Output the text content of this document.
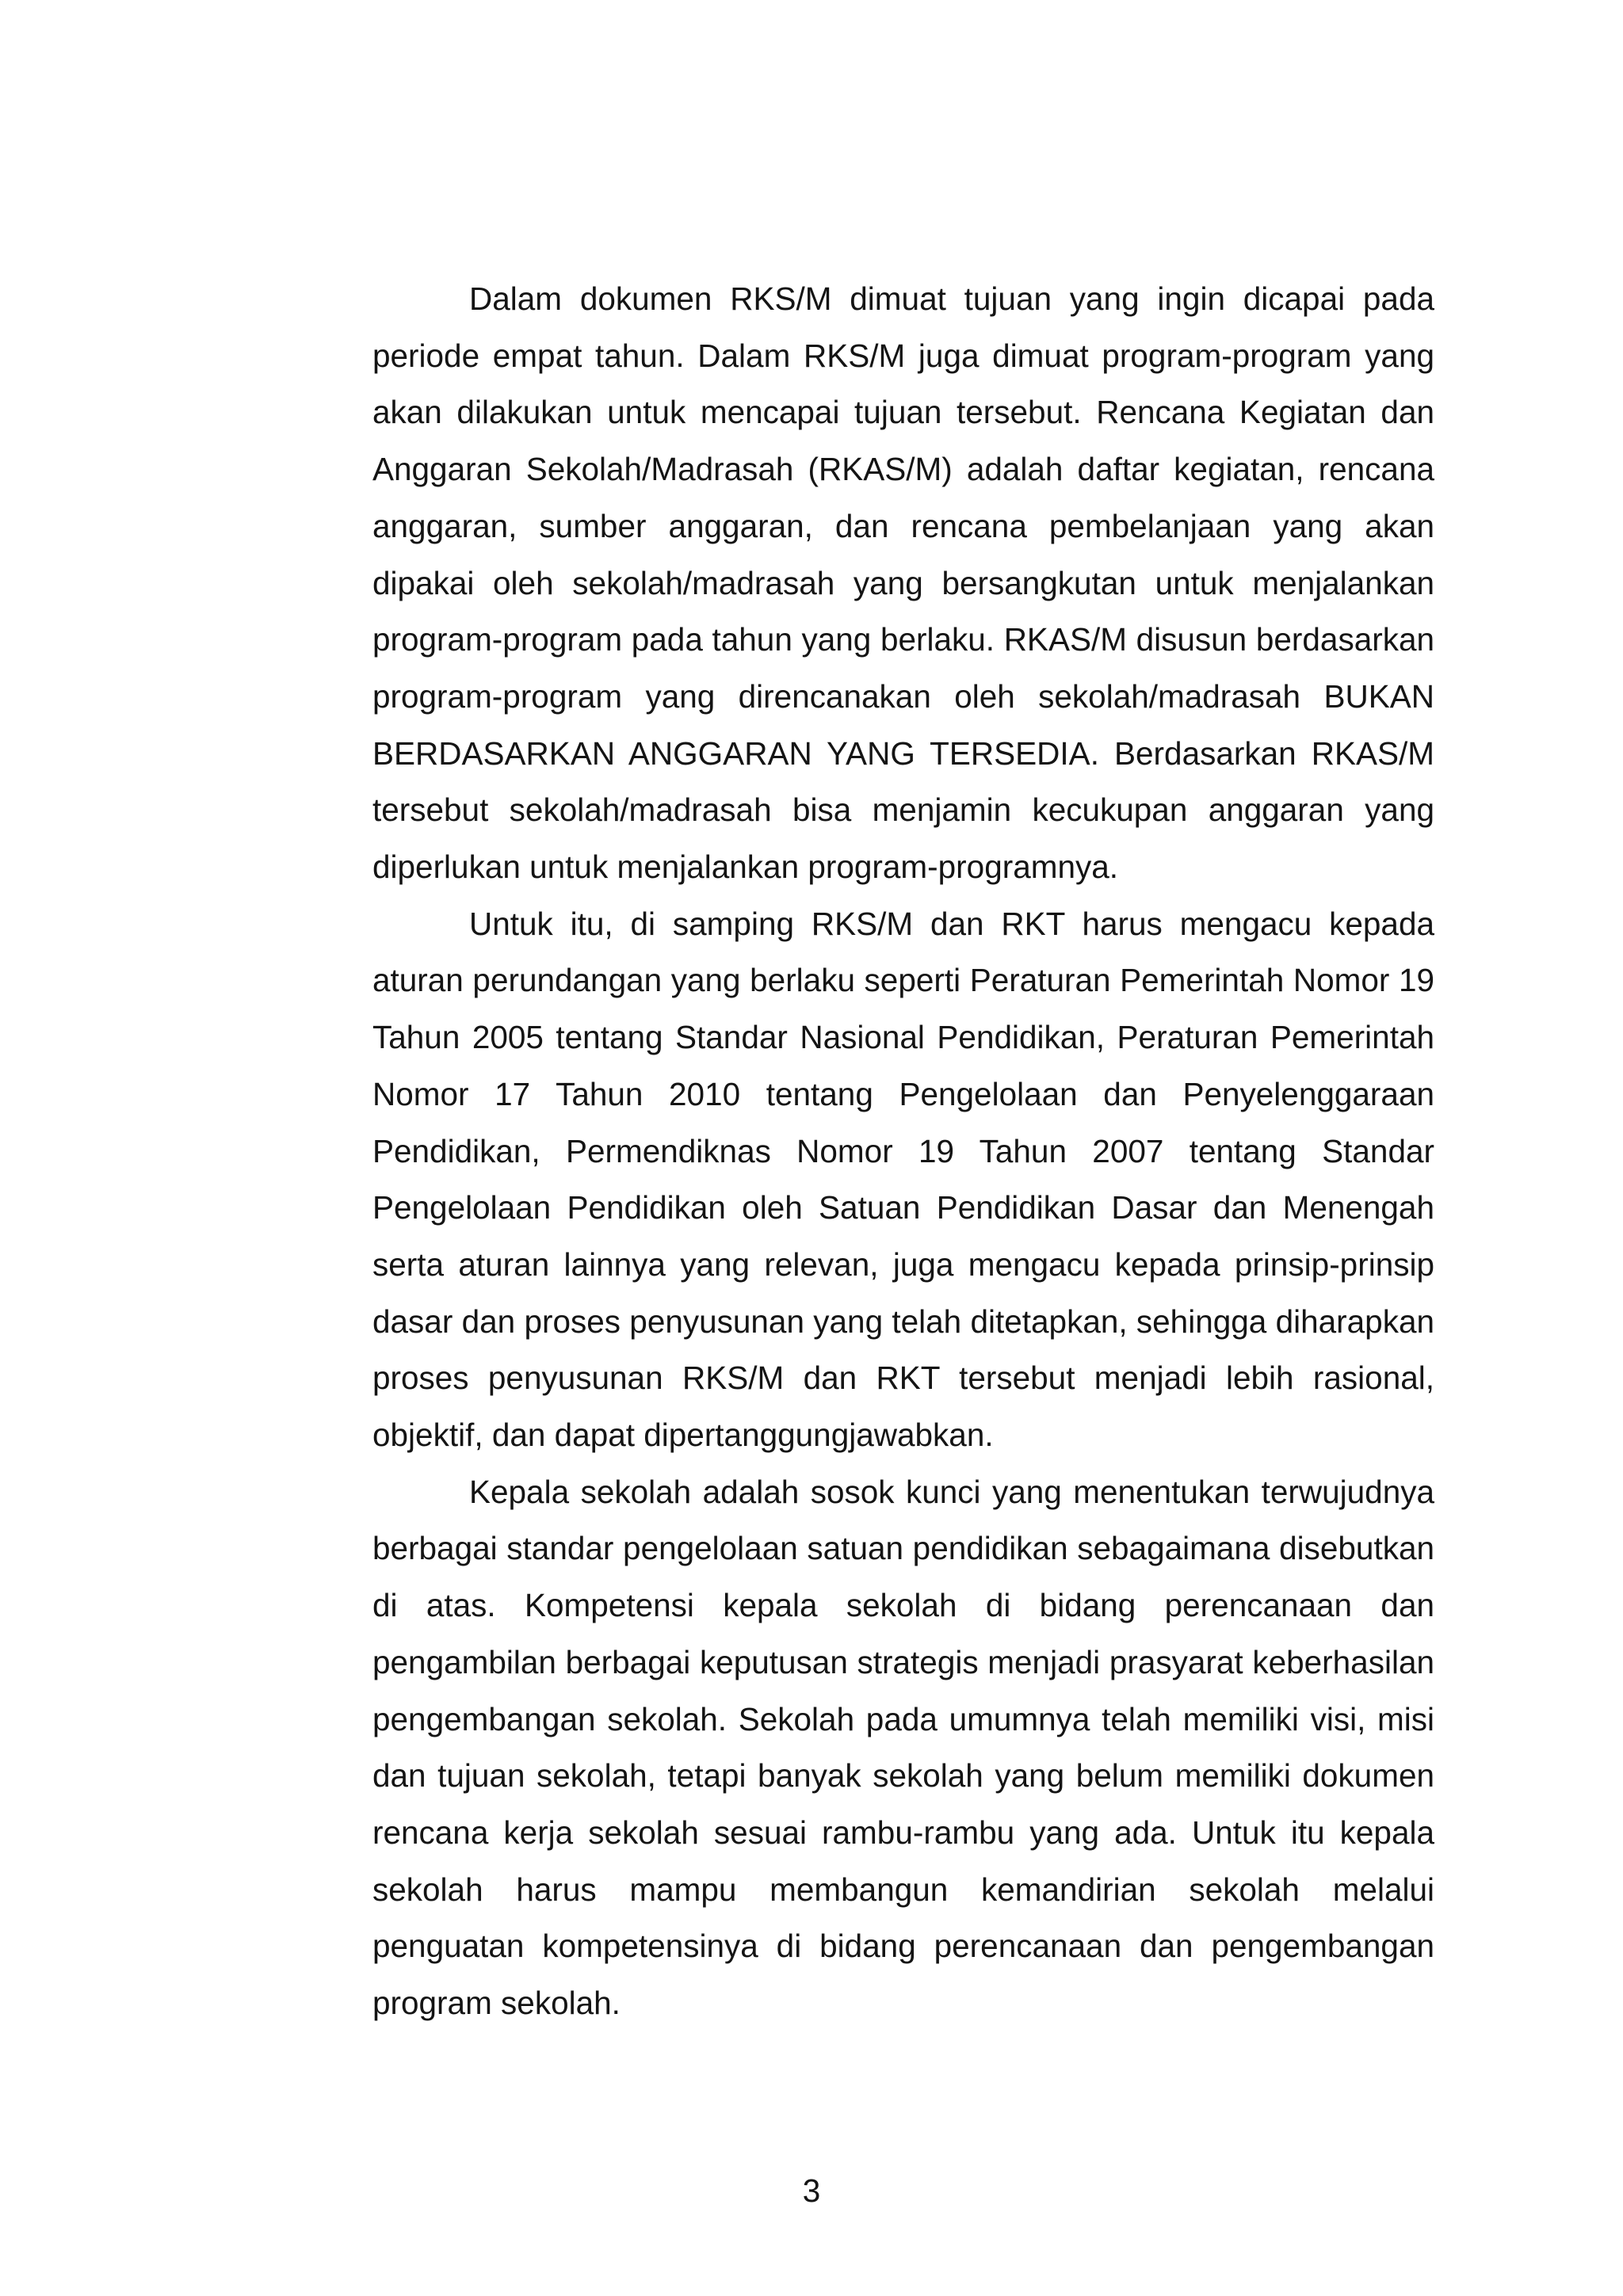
Dalam dokumen RKS/M dimuat tujuan yang ingin dicapai pada periode empat tahun. Dalam RKS/M juga dimuat program-program yang akan dilakukan untuk mencapai tujuan tersebut. Rencana Kegiatan dan Anggaran Sekolah/Madrasah (RKAS/M) adalah daftar kegiatan, rencana anggaran, sumber anggaran, dan rencana pembelanjaan yang akan dipakai oleh sekolah/madrasah yang bersangkutan untuk menjalankan program-program pada tahun yang berlaku. RKAS/M disusun berdasarkan program-program yang direncanakan oleh sekolah/madrasah BUKAN BERDASARKAN ANGGARAN YANG TERSEDIA. Berdasarkan RKAS/M tersebut sekolah/madrasah bisa menjamin kecukupan anggaran yang diperlukan untuk menjalankan program-programnya.

Untuk itu, di samping RKS/M dan RKT harus mengacu kepada aturan perundangan yang berlaku seperti Peraturan Pemerintah Nomor 19 Tahun 2005 tentang Standar Nasional Pendidikan, Peraturan Pemerintah Nomor 17 Tahun 2010 tentang Pengelolaan dan Penyelenggaraan Pendidikan, Permendiknas Nomor 19 Tahun 2007 tentang Standar Pengelolaan Pendidikan oleh Satuan Pendidikan Dasar dan Menengah serta aturan lainnya yang relevan, juga mengacu kepada prinsip-prinsip dasar dan proses penyusunan yang telah ditetapkan, sehingga diharapkan proses penyusunan RKS/M dan RKT tersebut menjadi lebih rasional, objektif, dan dapat dipertanggungjawabkan.

Kepala sekolah adalah sosok kunci yang menentukan terwujudnya berbagai standar pengelolaan satuan pendidikan sebagaimana disebutkan di atas. Kompetensi kepala sekolah di bidang perencanaan dan pengambilan berbagai keputusan strategis menjadi prasyarat keberhasilan pengembangan sekolah. Sekolah pada umumnya telah memiliki visi, misi dan tujuan sekolah, tetapi banyak sekolah yang belum memiliki dokumen rencana kerja sekolah sesuai rambu-rambu yang ada. Untuk itu kepala sekolah harus mampu membangun kemandirian sekolah melalui penguatan kompetensinya di bidang perencanaan dan pengembangan program sekolah.

3
